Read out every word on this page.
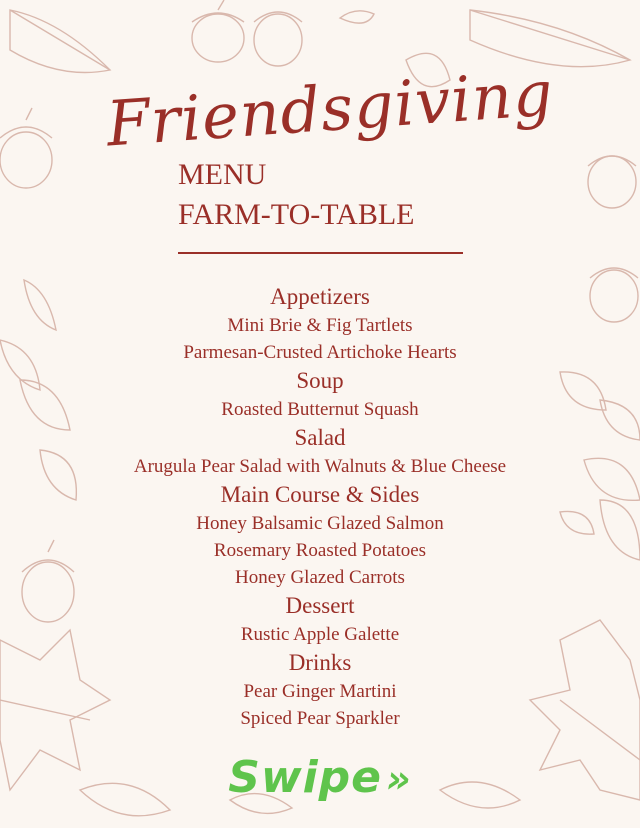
Friendsgiving
MENU
FARM-TO-TABLE
Appetizers
Mini Brie & Fig Tartlets
Parmesan-Crusted Artichoke Hearts
Soup
Roasted Butternut Squash
Salad
Arugula Pear Salad with Walnuts & Blue Cheese
Main Course & Sides
Honey Balsamic Glazed Salmon
Rosemary Roasted Potatoes
Honey Glazed Carrots
Dessert
Rustic Apple Galette
Drinks
Pear Ginger Martini
Spiced Pear Sparkler
Swipe »
